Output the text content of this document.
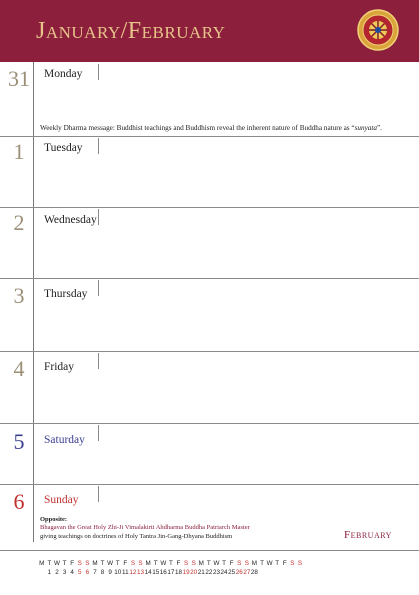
January/February
31 Monday
Weekly Dharma message: Buddhist teachings and Buddhism reveal the inherent nature of Buddha nature as “sunyata”.
1	Tuesday
2	Wednesday
3	Thursday
4	Friday
5	Saturday
6	Sunday
Opposite:
Bhagavan the Great Holy Zhi-Ji Vimalakirti Ahdharma Buddha Patriarch Master
giving teachings on doctrines of Holy Tantra Jin-Gang-Dhyana Buddhism	February
M T W T F S S M T W T F S S M T W T F S S M T W T F S S M T W T F S S
1 2 3 4 5 6 7 8 9 10 11 12 13 14 15 16 17 18 19 20 21 22 23 24 25 26 27 28
